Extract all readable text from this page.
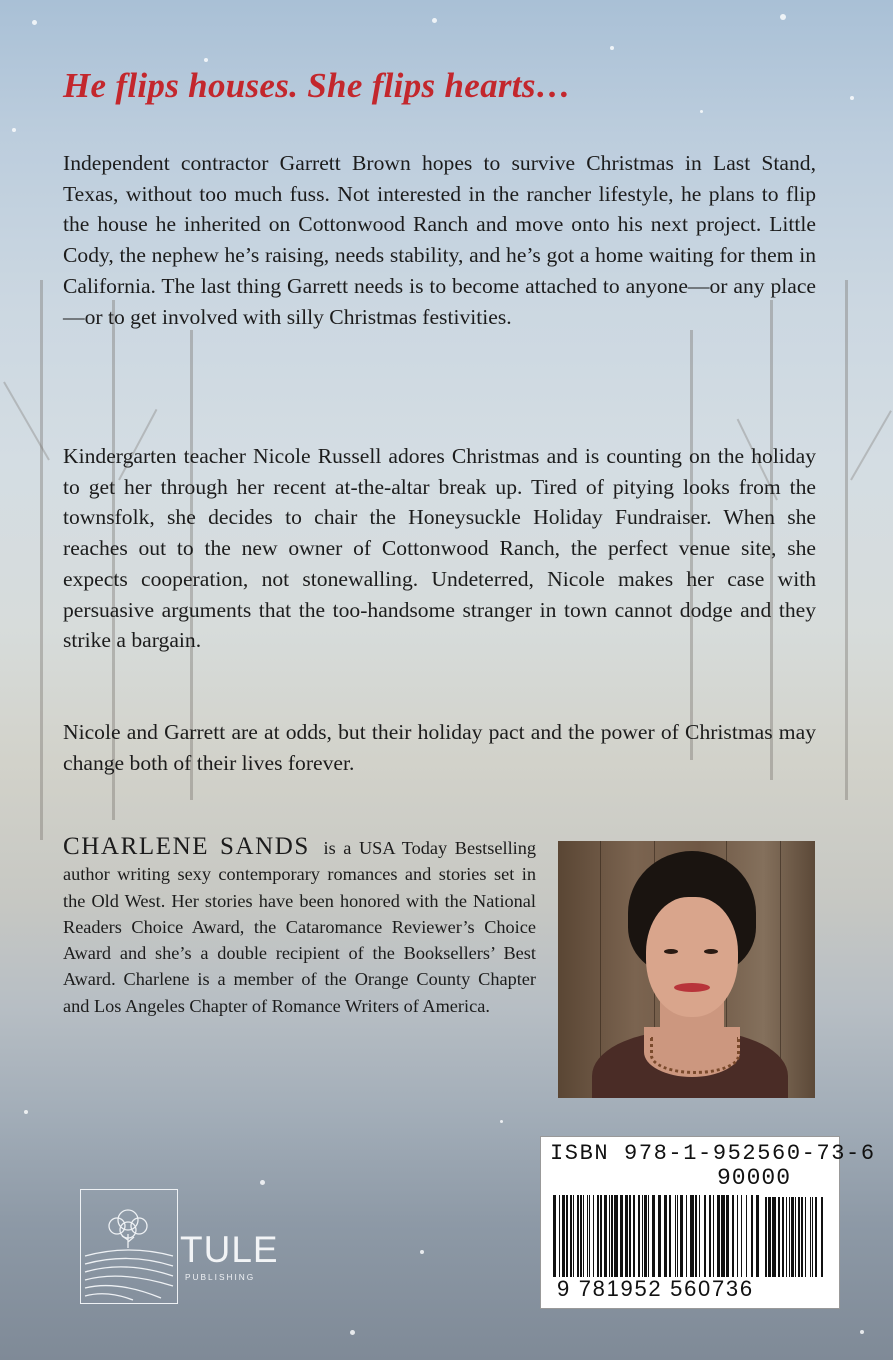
He flips houses. She flips hearts…

Independent contractor Garrett Brown hopes to survive Christmas in Last Stand, Texas, without too much fuss. Not interested in the rancher lifestyle, he plans to flip the house he inherited on Cottonwood Ranch and move onto his next project. Little Cody, the nephew he’s raising, needs stability, and he’s got a home waiting for them in California. The last thing Garrett needs is to become attached to anyone—or any place—or to get involved with silly Christmas festivities.

Kindergarten teacher Nicole Russell adores Christmas and is counting on the holiday to get her through her recent at-the-altar break up. Tired of pitying looks from the townsfolk, she decides to chair the Honeysuckle Holiday Fundraiser. When she reaches out to the new owner of Cottonwood Ranch, the perfect venue site, she expects cooperation, not stonewalling. Undeterred, Nicole makes her case with persuasive arguments that the too-handsome stranger in town cannot dodge and they strike a bargain.

Nicole and Garrett are at odds, but their holiday pact and the power of Christmas may change both of their lives forever.

CHARLENE SANDS is a USA Today Bestselling author writing sexy contemporary romances and stories set in the Old West. Her stories have been honored with the National Readers Choice Award, the Cataromance Reviewer’s Choice Award and she’s a double recipient of the Booksellers’ Best Award. Charlene is a member of the Orange County Chapter and Los Angeles Chapter of Romance Writers of America.

TULE

PUBLISHING

ISBN 978-1-952560-73-6

90000

9 781952 560736
